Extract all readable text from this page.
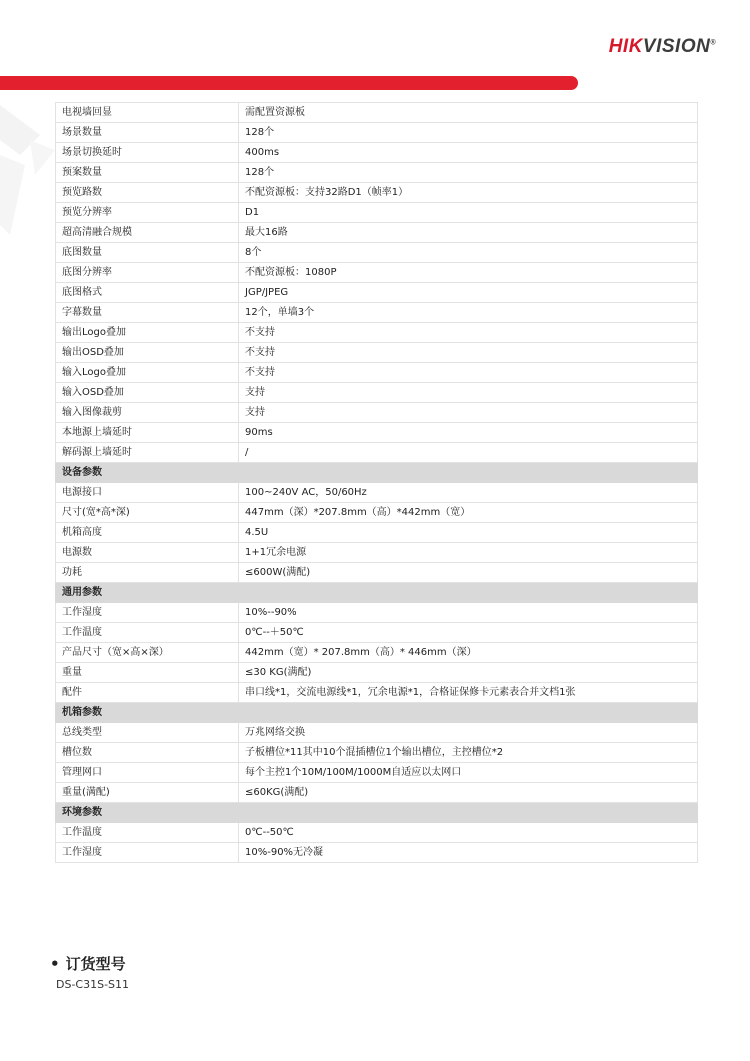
HIKVISION®
电视墙回显	需配置资源板
场景数量	128个
场景切换延时	400ms
预案数量	128个
预览路数	不配资源板：支持32路D1（帧率1）
预览分辨率	D1
超高清融合规模	最大16路
底图数量	8个
底图分辨率	不配资源板：1080P
底图格式	JGP/JPEG
字幕数量	12个，单墙3个
输出Logo叠加	不支持
输出OSD叠加	不支持
输入Logo叠加	不支持
输入OSD叠加	支持
输入图像裁剪	支持
本地源上墙延时	90ms
解码源上墙延时	/
设备参数	
电源接口	100~240V AC，50/60Hz
尺寸(宽*高*深)	447mm（深）*207.8mm（高）*442mm（宽）
机箱高度	4.5U
电源数	1+1冗余电源
功耗	≤600W(满配)
通用参数	
工作湿度	10%--90%
工作温度	0℃--＋50℃
产品尺寸（宽×高×深）	442mm（宽）* 207.8mm（高）* 446mm（深）
重量	≤30 KG(满配)
配件	串口线*1，交流电源线*1，冗余电源*1，合格证保修卡元素表合并文档1张
机箱参数	
总线类型	万兆网络交换
槽位数	子板槽位*11其中10个混插槽位1个输出槽位，主控槽位*2
管理网口	每个主控1个10M/100M/1000M自适应以太网口
重量(满配)	≤60KG(满配)
环境参数	
工作温度	0℃--50℃
工作湿度	10%-90%无冷凝
• 订货型号
DS-C31S-S11
